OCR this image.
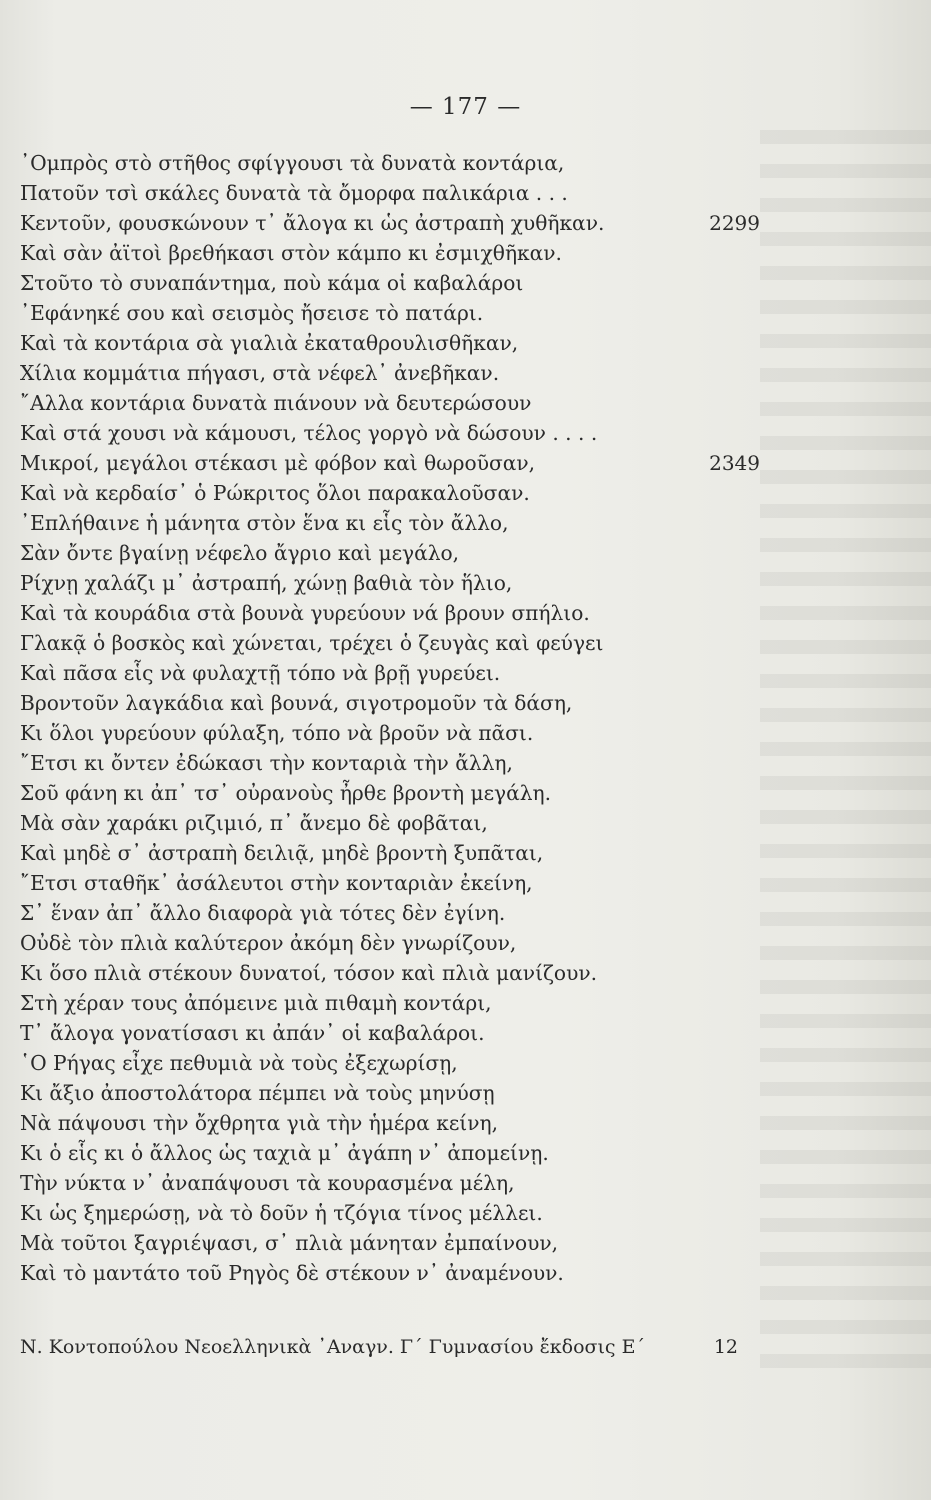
— 177 —
᾿Ομπρὸς στὸ στῆθος σφίγγουσι τὰ δυνατὰ κοντάρια,
Πατοῦν τσὶ σκάλες δυνατὰ τὰ ὄμορφα παλικάρια . . .
Κεντοῦν, φουσκώνουν τ᾿ ἄλογα κι ὡς ἀστραπὴ χυθῆκαν.	2299
Καὶ σὰν ἀϊτοὶ βρεθήκασι στὸν κάμπο κι ἐσμιχθῆκαν.
Στοῦτο τὸ συναπάντημα, ποὺ κάμα οἱ καβαλάροι
᾿Εφάνηκέ σου καὶ σεισμὸς ἤσεισε τὸ πατάρι.
Καὶ τὰ κοντάρια σὰ γιαλιὰ ἐκαταθρουλισθῆκαν,
Χίλια κομμάτια πήγασι, στὰ νέφελ᾿ ἀνεβῆκαν.
῎Αλλα κοντάρια δυνατὰ πιάνουν νὰ δευτερώσουν
Καὶ στά χουσι νὰ κάμουσι, τέλος γοργὸ νὰ δώσουν . . . .
Μικροί, μεγάλοι στέκασι μὲ φόβον καὶ θωροῦσαν,	2349
Καὶ νὰ κερδαίσ᾿ ὁ Ρώκριτος ὅλοι παρακαλοῦσαν.
᾿Επλήθαινε ἡ μάνητα στὸν ἕνα κι εἷς τὸν ἄλλο,
Σὰν ὄντε βγαίνῃ νέφελο ἄγριο καὶ μεγάλο,
Ρίχνῃ χαλάζι μ᾿ ἀστραπή, χώνῃ βαθιὰ τὸν ἥλιο,
Καὶ τὰ κουράδια στὰ βουνὰ γυρεύουν νά βρουν σπήλιο.
Γλακᾷ ὁ βοσκὸς καὶ χώνεται, τρέχει ὁ ζευγὰς καὶ φεύγει
Καὶ πᾶσα εἷς νὰ φυλαχτῇ τόπο νὰ βρῇ γυρεύει.
Βροντοῦν λαγκάδια καὶ βουνά, σιγοτρομοῦν τὰ δάση,
Κι ὅλοι γυρεύουν φύλαξη, τόπο νὰ βροῦν νὰ πᾶσι.
῎Ετσι κι ὄντεν ἐδώκασι τὴν κονταριὰ τὴν ἄλλη,
Σοῦ φάνη κι ἀπ᾿ τσ᾿ οὐρανοὺς ἦρθε βροντὴ μεγάλη.
Μὰ σὰν χαράκι ριζιμιό, π᾿ ἄνεμο δὲ φοβᾶται,
Καὶ μηδὲ σ᾿ ἀστραπὴ δειλιᾷ, μηδὲ βροντὴ ξυπᾶται,
῎Ετσι σταθῆκ᾿ ἀσάλευτοι στὴν κονταριὰν ἐκείνη,
Σ᾿ ἕναν ἀπ᾿ ἄλλο διαφορὰ γιὰ τότες δὲν ἐγίνη.
Οὐδὲ τὸν πλιὰ καλύτερον ἀκόμη δὲν γνωρίζουν,
Κι ὅσο πλιὰ στέκουν δυνατοί, τόσον καὶ πλιὰ μανίζουν.
Στὴ χέραν τους ἀπόμεινε μιὰ πιθαμὴ κοντάρι,
Τ᾿ ἄλογα γονατίσασι κι ἀπάν᾿ οἱ καβαλάροι.
῾Ο Ρήγας εἶχε πεθυμιὰ νὰ τοὺς ἐξεχωρίσῃ,
Κι ἄξιο ἀποστολάτορα πέμπει νὰ τοὺς μηνύσῃ
Νὰ πάψουσι τὴν ὄχθρητα γιὰ τὴν ἡμέρα κείνη,
Κι ὁ εἷς κι ὁ ἄλλος ὡς ταχιὰ μ᾿ ἀγάπη ν᾿ ἀπομείνῃ.
Τὴν νύκτα ν᾿ ἀναπάψουσι τὰ κουρασμένα μέλη,
Κι ὡς ξημερώσῃ, νὰ τὸ δοῦν ἡ τζόγια τίνος μέλλει.
Μὰ τοῦτοι ξαγριέψασι, σ᾿ πλιὰ μάνηταν ἐμπαίνουν,
Καὶ τὸ μαντάτο τοῦ Ρηγὸς δὲ στέκουν ν᾿ ἀναμένουν.
Ν. Κοντοπούλου Νεοελληνικὰ ᾿Αναγν. Γ΄ Γυμνασίου ἔκδοσις Ε΄	12
